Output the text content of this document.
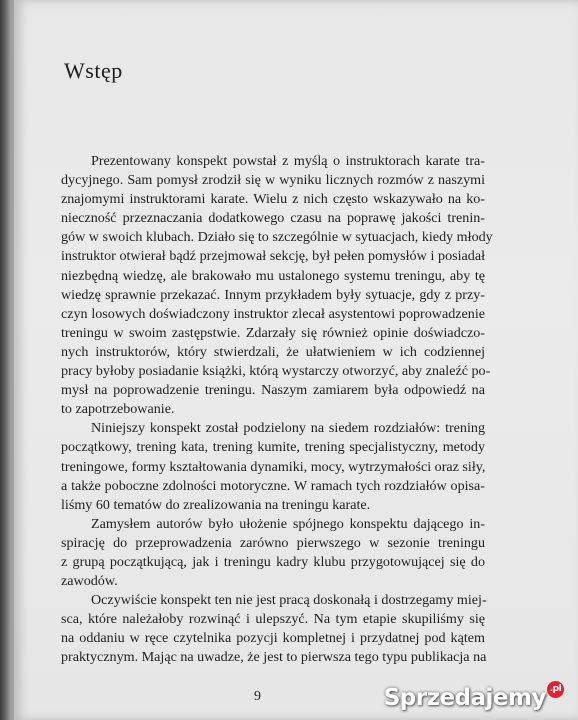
Wstęp

Prezentowany konspekt powstał z myślą o instruktorach karate tra-

dycyjnego. Sam pomysł zrodził się w wyniku licznych rozmów z naszymi

znajomymi instruktorami karate. Wielu z nich często wskazywało na ko-

nieczność przeznaczania dodatkowego czasu na poprawę jakości trenin-

gów w swoich klubach. Działo się to szczególnie w sytuacjach, kiedy młody

instruktor otwierał bądź przejmował sekcję, był pełen pomysłów i posiadał

niezbędną wiedzę, ale brakowało mu ustalonego systemu treningu, aby tę

wiedzę sprawnie przekazać. Innym przykładem były sytuacje, gdy z przy-

czyn losowych doświadczony instruktor zlecał asystentowi poprowadzenie

treningu w swoim zastępstwie. Zdarzały się również opinie doświadczo-

nych instruktorów, który stwierdzali, że ułatwieniem w ich codziennej

pracy byłoby posiadanie książki, którą wystarczy otworzyć, aby znaleźć po-

mysł na poprowadzenie treningu. Naszym zamiarem była odpowiedź na

to zapotrzebowanie.

Niniejszy konspekt został podzielony na siedem rozdziałów: trening

początkowy, trening kata, trening kumite, trening specjalistyczny, metody

treningowe, formy kształtowania dynamiki, mocy, wytrzymałości oraz siły,

a także poboczne zdolności motoryczne. W ramach tych rozdziałów opisa-

liśmy 60 tematów do zrealizowania na treningu karate.

Zamysłem autorów było ułożenie spójnego konspektu dającego in-

spirację do przeprowadzenia zarówno pierwszego w sezonie treningu

z grupą początkującą, jak i treningu kadry klubu przygotowującej się do

zawodów.

Oczywiście konspekt ten nie jest pracą doskonałą i dostrzegamy miej-

sca, które należałoby rozwinąć i ulepszyć. Na tym etapie skupiliśmy się

na oddaniu w ręce czytelnika pozycji kompletnej i przydatnej pod kątem

praktycznym. Mając na uwadze, że jest to pierwsza tego typu publikacja na

9	Sprzedajemy .pl
